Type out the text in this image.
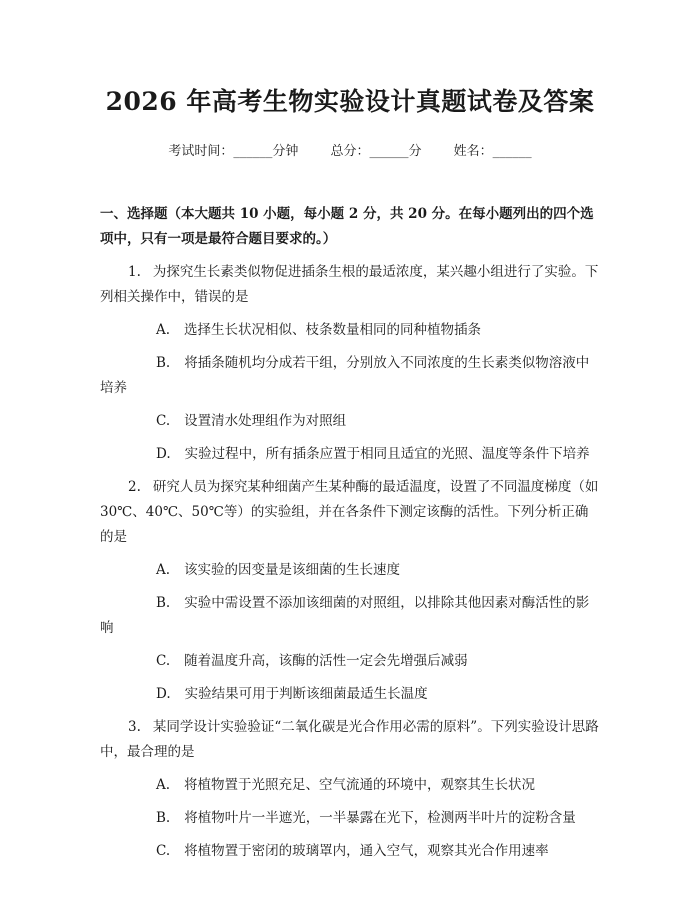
2026 年高考生物实验设计真题试卷及答案
考试时间：______分钟 总分：______分 姓名：______
一、选择题（本大题共 10 小题，每小题 2 分，共 20 分。在每小题列出的四个选项中，只有一项是最符合题目要求的。）
1. 为探究生长素类似物促进插条生根的最适浓度，某兴趣小组进行了实验。下列相关操作中，错误的是
A. 选择生长状况相似、枝条数量相同的同种植物插条
B. 将插条随机均分成若干组，分别放入不同浓度的生长素类似物溶液中培养
C. 设置清水处理组作为对照组
D. 实验过程中，所有插条应置于相同且适宜的光照、温度等条件下培养
2. 研究人员为探究某种细菌产生某种酶的最适温度，设置了不同温度梯度（如 30℃、40℃、50℃等）的实验组，并在各条件下测定该酶的活性。下列分析正确的是
A. 该实验的因变量是该细菌的生长速度
B. 实验中需设置不添加该细菌的对照组，以排除其他因素对酶活性的影响
C. 随着温度升高，该酶的活性一定会先增强后减弱
D. 实验结果可用于判断该细菌最适生长温度
3. 某同学设计实验验证“二氧化碳是光合作用必需的原料”。下列实验设计思路中，最合理的是
A. 将植物置于光照充足、空气流通的环境中，观察其生长状况
B. 将植物叶片一半遮光，一半暴露在光下，检测两半叶片的淀粉含量
C. 将植物置于密闭的玻璃罩内，通入空气，观察其光合作用速率
